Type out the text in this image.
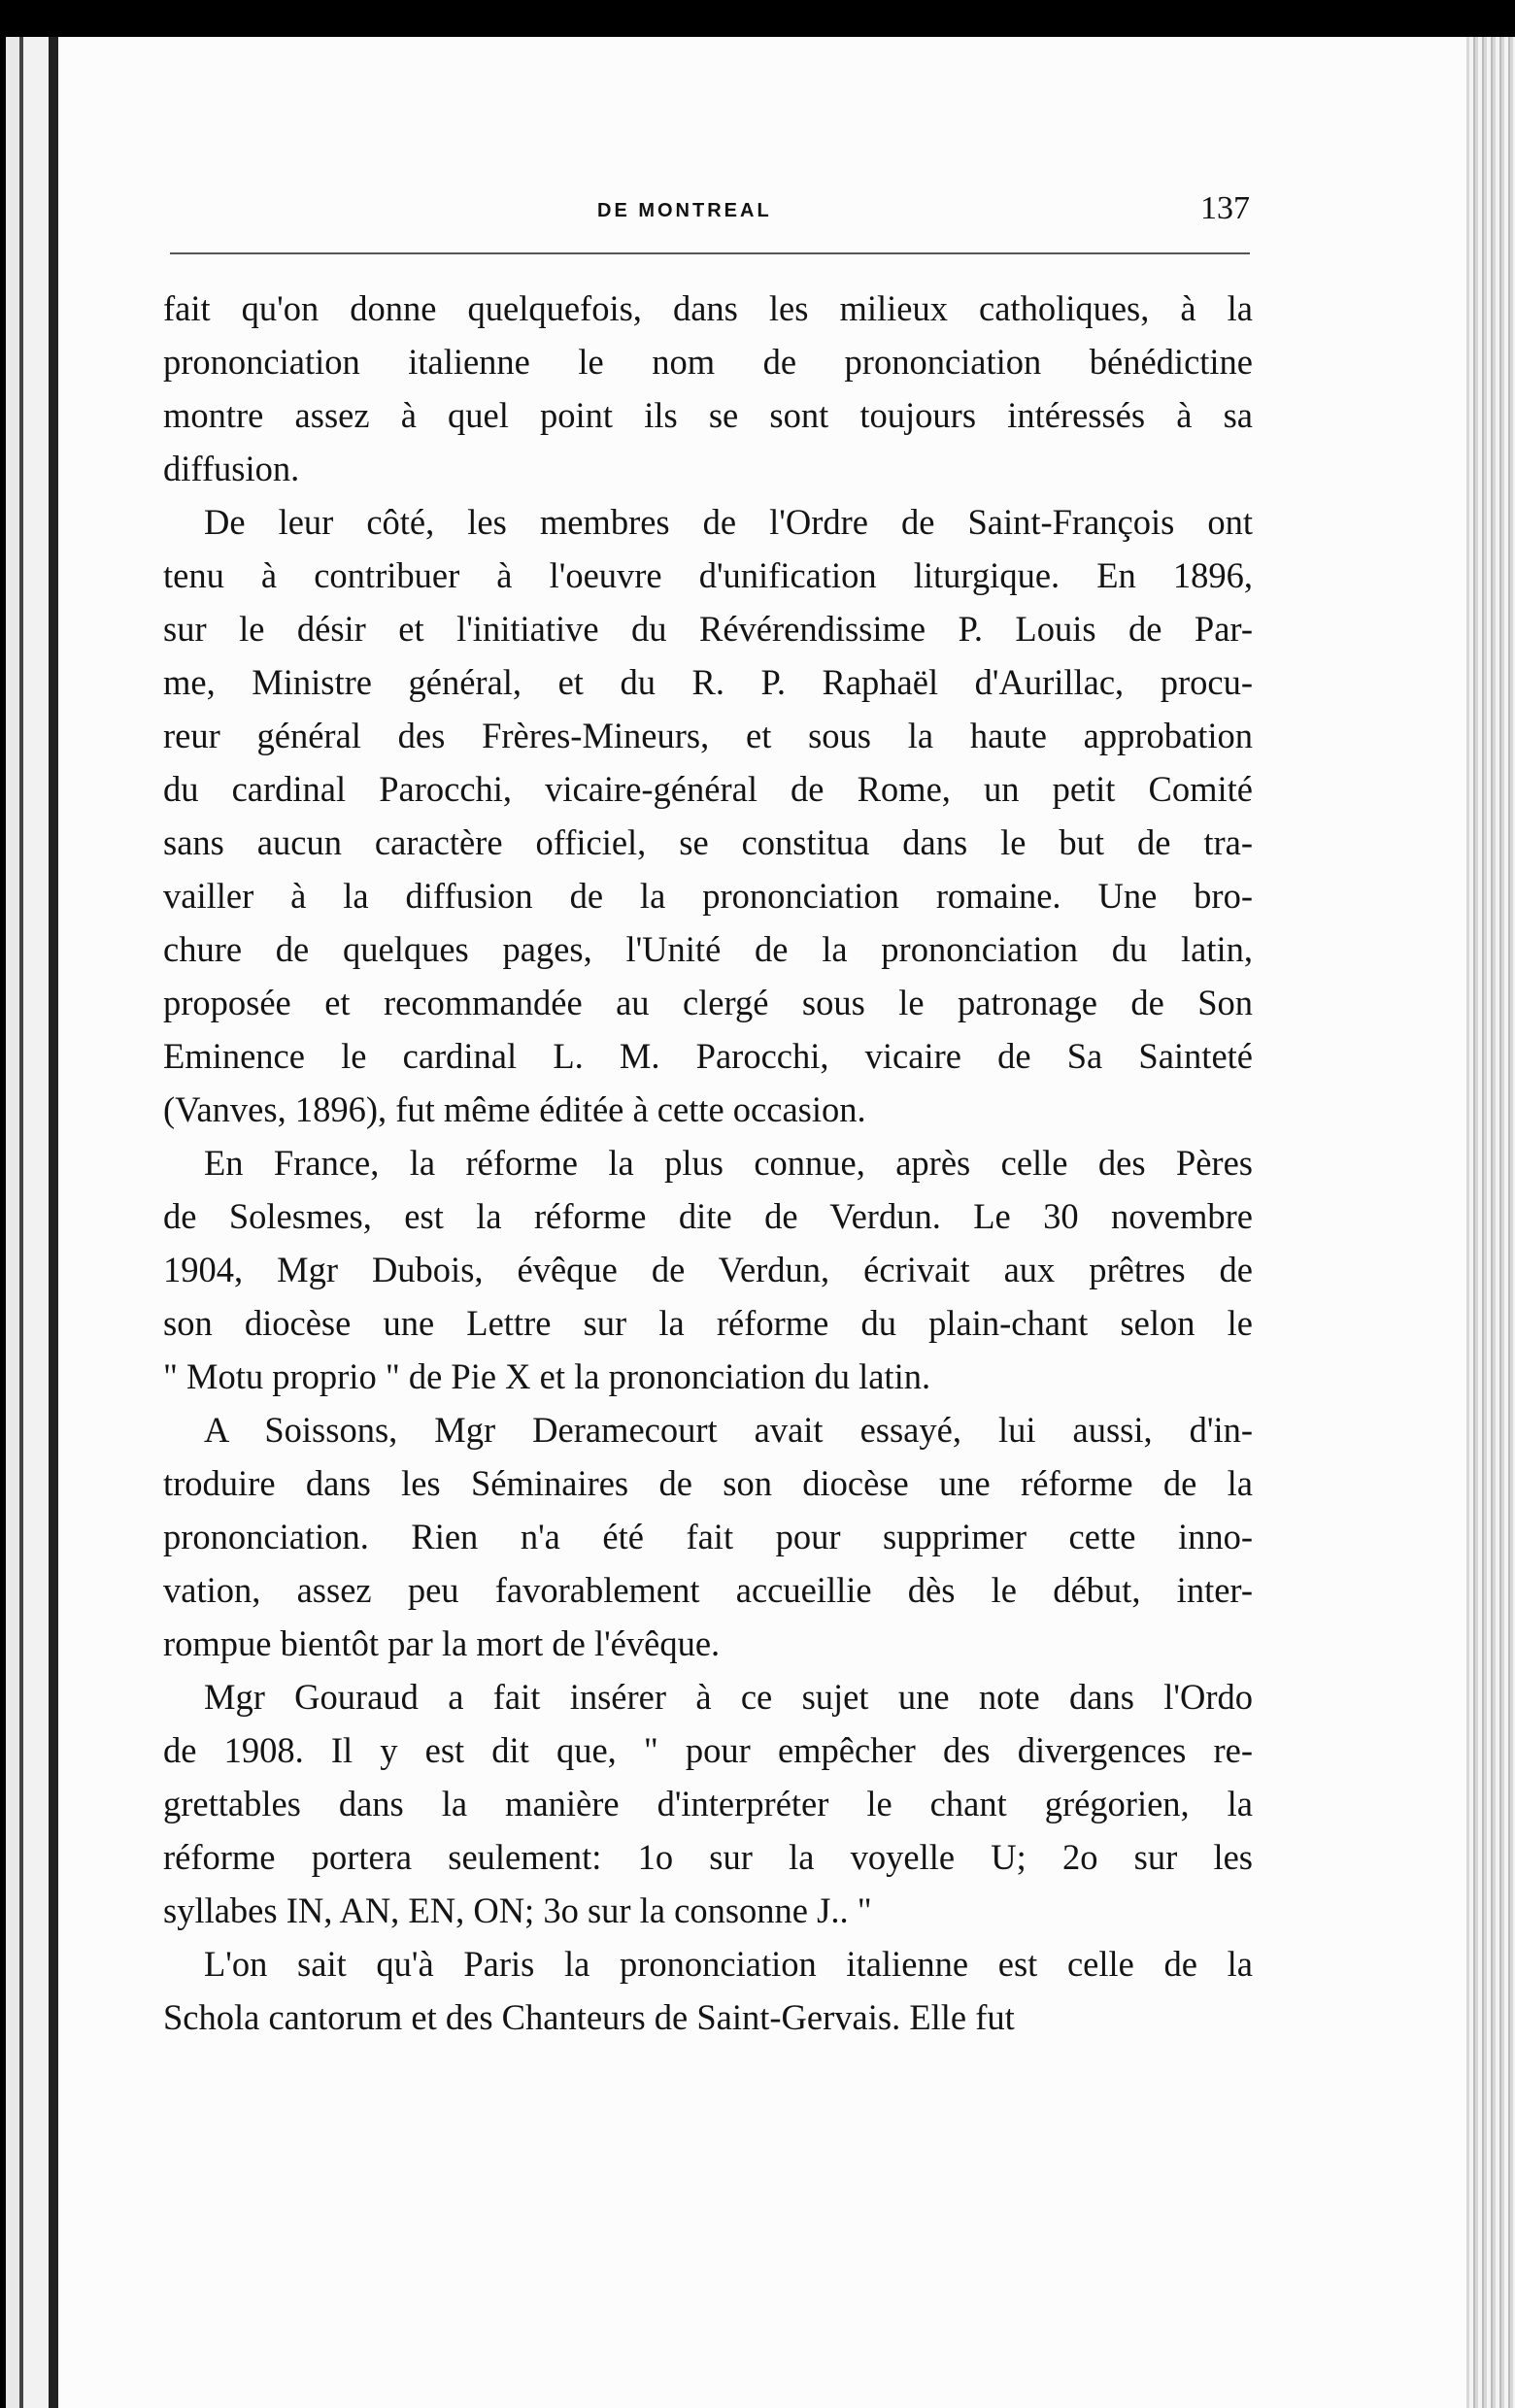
DE MONTREAL	137
fait qu'on donne quelquefois, dans les milieux catholiques, à la
prononciation italienne le nom de prononciation bénédictine
montre assez à quel point ils se sont toujours intéressés à sa
diffusion.
De leur côté, les membres de l'Ordre de Saint-François ont
tenu à contribuer à l'oeuvre d'unification liturgique. En 1896,
sur le désir et l'initiative du Révérendissime P. Louis de Par-
me, Ministre général, et du R. P. Raphaël d'Aurillac, procu-
reur général des Frères-Mineurs, et sous la haute approbation
du cardinal Parocchi, vicaire-général de Rome, un petit Comité
sans aucun caractère officiel, se constitua dans le but de tra-
vailler à la diffusion de la prononciation romaine. Une bro-
chure de quelques pages, l'Unité de la prononciation du latin,
proposée et recommandée au clergé sous le patronage de Son
Eminence le cardinal L. M. Parocchi, vicaire de Sa Sainteté
(Vanves, 1896), fut même éditée à cette occasion.
En France, la réforme la plus connue, après celle des Pères
de Solesmes, est la réforme dite de Verdun. Le 30 novembre
1904, Mgr Dubois, évêque de Verdun, écrivait aux prêtres de
son diocèse une Lettre sur la réforme du plain-chant selon le
" Motu proprio " de Pie X et la prononciation du latin.
A Soissons, Mgr Deramecourt avait essayé, lui aussi, d'in-
troduire dans les Séminaires de son diocèse une réforme de la
prononciation. Rien n'a été fait pour supprimer cette inno-
vation, assez peu favorablement accueillie dès le début, inter-
rompue bientôt par la mort de l'évêque.
Mgr Gouraud a fait insérer à ce sujet une note dans l'Ordo
de 1908. Il y est dit que, " pour empêcher des divergences re-
grettables dans la manière d'interpréter le chant grégorien, la
réforme portera seulement: 1o sur la voyelle U; 2o sur les
syllabes IN, AN, EN, ON; 3o sur la consonne J.. "
L'on sait qu'à Paris la prononciation italienne est celle de la
Schola cantorum et des Chanteurs de Saint-Gervais. Elle fut
